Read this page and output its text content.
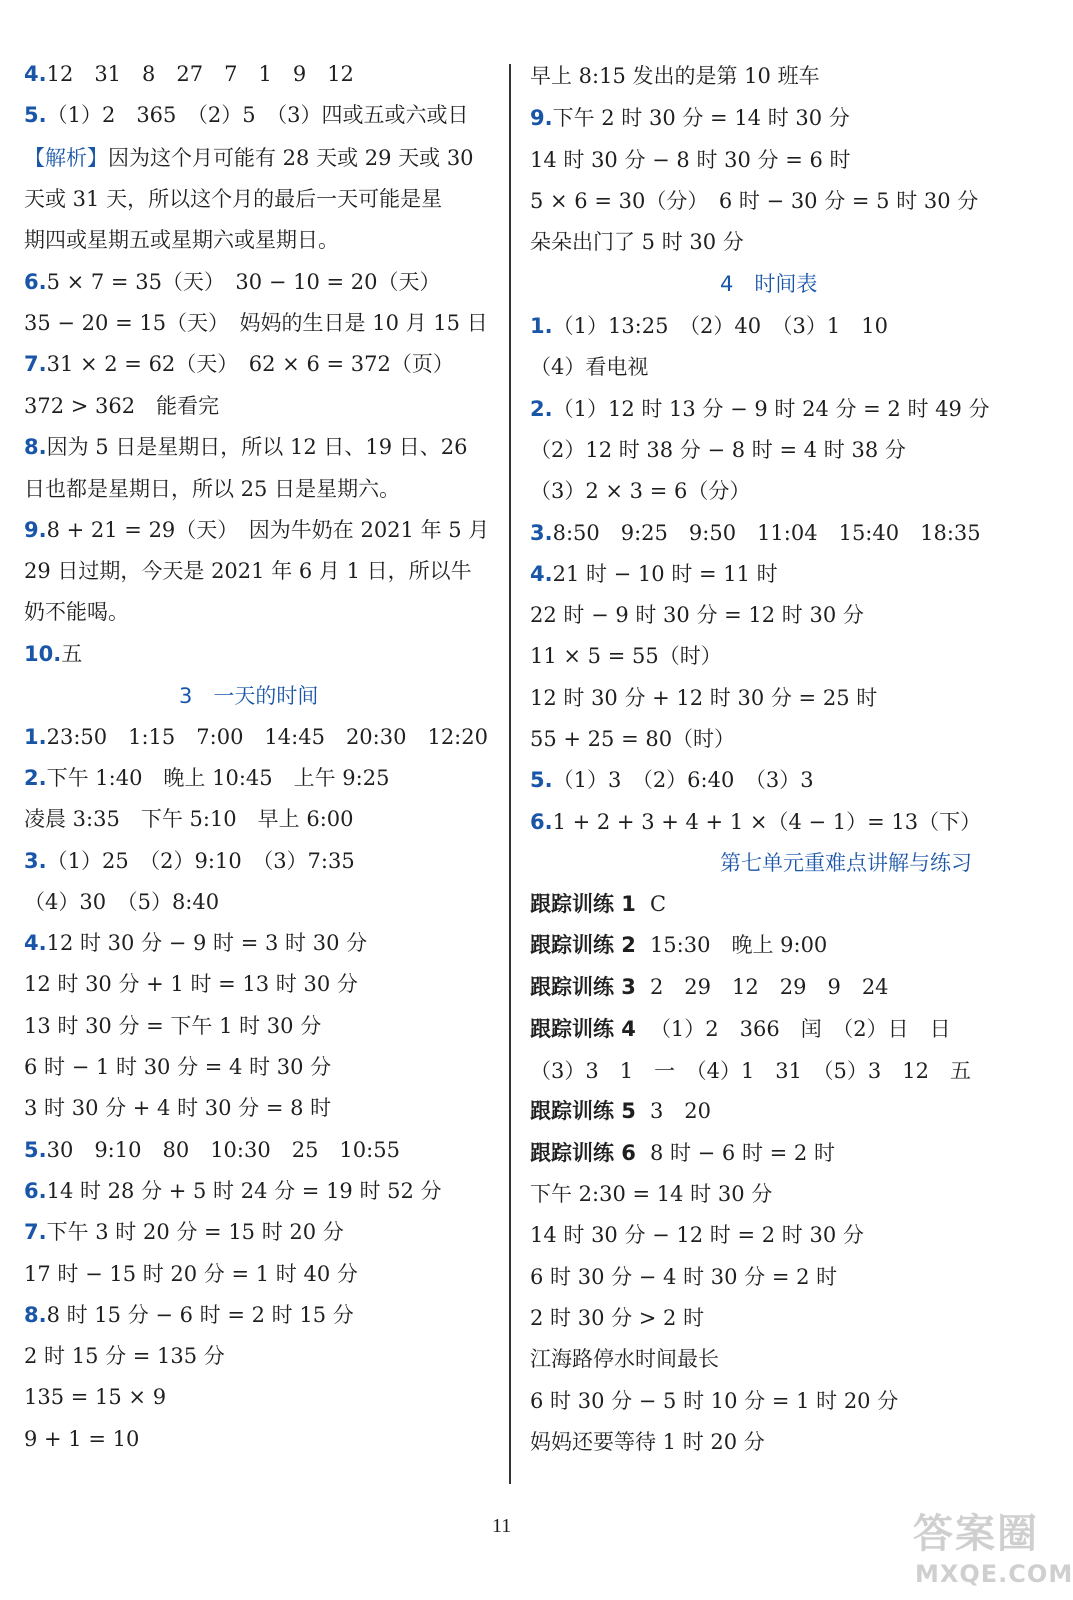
4.12　31　8　27　7　1　9　12
5.（1）2　365　（2）5　（3）四或五或六或日
【解析】因为这个月可能有 28 天或 29 天或 30
天或 31 天，所以这个月的最后一天可能是星
期四或星期五或星期六或星期日。
6.5 × 7 = 35（天）　30 − 10 = 20（天）
35 − 20 = 15（天）　妈妈的生日是 10 月 15 日
7.31 × 2 = 62（天）　62 × 6 = 372（页）
372 > 362　能看完
8.因为 5 日是星期日，所以 12 日、19 日、26
日也都是星期日，所以 25 日是星期六。
9.8 + 21 = 29（天）　因为牛奶在 2021 年 5 月
29 日过期，今天是 2021 年 6 月 1 日，所以牛
奶不能喝。
10.五
3　一天的时间
1.23:50　1:15　7:00　14:45　20:30　12:20
2.下午 1:40　晚上 10:45　上午 9:25
凌晨 3:35　下午 5:10　早上 6:00
3.（1）25　（2）9:10　（3）7:35
（4）30　（5）8:40
4.12 时 30 分 − 9 时 = 3 时 30 分
12 时 30 分 + 1 时 = 13 时 30 分
13 时 30 分 = 下午 1 时 30 分
6 时 − 1 时 30 分 = 4 时 30 分
3 时 30 分 + 4 时 30 分 = 8 时
5.30　9:10　80　10:30　25　10:55
6.14 时 28 分 + 5 时 24 分 = 19 时 52 分
7.下午 3 时 20 分 = 15 时 20 分
17 时 − 15 时 20 分 = 1 时 40 分
8.8 时 15 分 − 6 时 = 2 时 15 分
2 时 15 分 = 135 分
135 = 15 × 9
9 + 1 = 10
早上 8:15 发出的是第 10 班车
9.下午 2 时 30 分 = 14 时 30 分
14 时 30 分 − 8 时 30 分 = 6 时
5 × 6 = 30（分）　6 时 − 30 分 = 5 时 30 分
朵朵出门了 5 时 30 分
4　时间表
1.（1）13:25　（2）40　（3）1　10
（4）看电视
2.（1）12 时 13 分 − 9 时 24 分 = 2 时 49 分
（2）12 时 38 分 − 8 时 = 4 时 38 分
（3）2 × 3 = 6（分）
3.8:50　9:25　9:50　11:04　15:40　18:35
4.21 时 − 10 时 = 11 时
22 时 − 9 时 30 分 = 12 时 30 分
11 × 5 = 55（时）
12 时 30 分 + 12 时 30 分 = 25 时
55 + 25 = 80（时）
5.（1）3　（2）6:40　（3）3
6.1 + 2 + 3 + 4 + 1 ×（4 − 1）= 13（下）
第七单元重难点讲解与练习
跟踪训练 1 C
跟踪训练 2 15:30　晚上 9:00
跟踪训练 3 2　29　12　29　9　24
跟踪训练 4 （1）2　366　闰　（2）日　日
（3）3　1　一　（4）1　31　（5）3　12　五
跟踪训练 5 3　20
跟踪训练 6 8 时 − 6 时 = 2 时
下午 2:30 = 14 时 30 分
14 时 30 分 − 12 时 = 2 时 30 分
6 时 30 分 − 4 时 30 分 = 2 时
2 时 30 分 > 2 时
江海路停水时间最长
6 时 30 分 − 5 时 10 分 = 1 时 20 分
妈妈还要等待 1 时 20 分
11	答案圈
MXQE.COM
